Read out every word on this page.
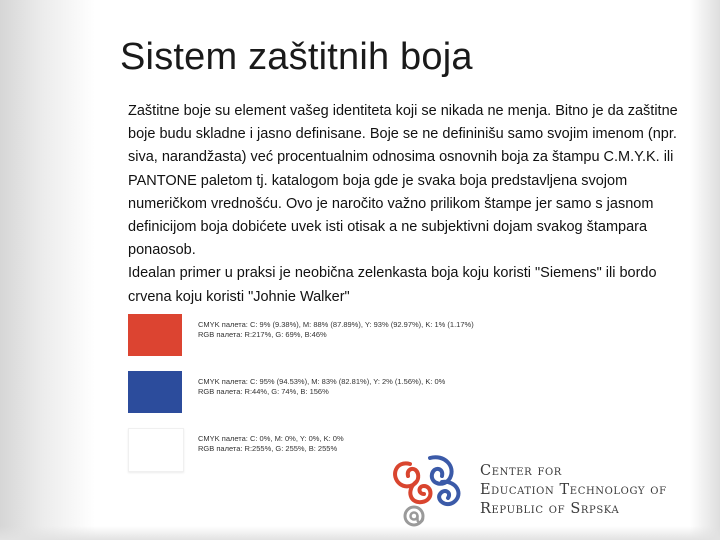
Sistem zaštitnih boja

Zaštitne boje su element vašeg identiteta koji se nikada ne menja. Bitno je da zaštitne boje budu skladne i jasno definisane. Boje se ne defininišu samo svojim imenom (npr. siva, narandžasta) već procentualnim odnosima osnovnih boja za štampu C.M.Y.K. ili PANTONE paletom tj. katalogom boja gde je svaka boja predstavljena svojom numeričkom vrednošću. Ovo je naročito važno prilikom štampe jer samo s jasnom definicijom boja dobićete uvek isti otisak a ne subjektivni dojam svakog štampara ponaosob.

Idealan primer u praksi je neobična zelenkasta boja koju koristi "Siemens" ili bordo crvena koju koristi "Johnie Walker"

CMYK палета: C: 9% (9.38%), M: 88% (87.89%), Y: 93% (92.97%), K: 1% (1.17%)
RGB палета: R:217%, G: 69%, B:46%
CMYK палета: C: 95% (94.53%), M: 83% (82.81%), Y: 2% (1.56%), K: 0%
RGB палета: R:44%, G: 74%, B: 156%
CMYK палета: C: 0%, M: 0%, Y: 0%, K: 0%
RGB палета: R:255%, G: 255%, B: 255%
Center for
Education Technology of
Republic of Srpska
